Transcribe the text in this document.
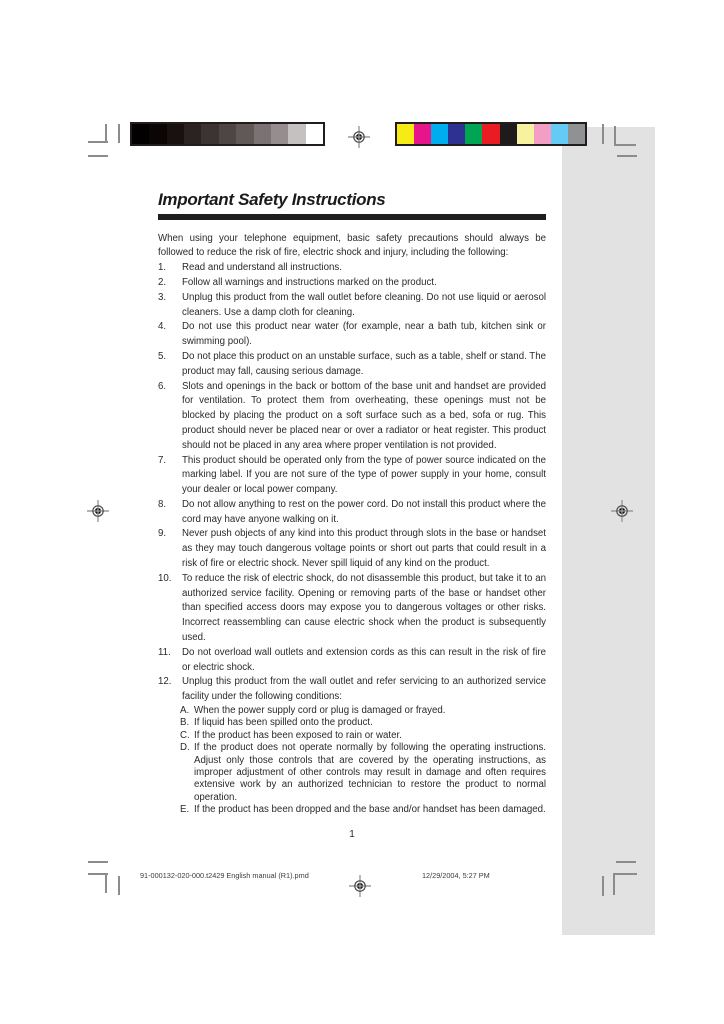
Important Safety Instructions
When using your telephone equipment, basic safety precautions should always be followed to reduce the risk of fire, electric shock and injury, including the following:
1.	Read and understand all instructions.
2.	Follow all warnings and instructions marked on the product.
3.	Unplug this product from the wall outlet before cleaning. Do not use liquid or aerosol cleaners. Use a damp cloth for cleaning.
4.	Do not use this product near water (for example, near a bath tub, kitchen sink or swimming pool).
5.	Do not place this product on an unstable surface, such as a table, shelf or stand. The product may fall, causing serious damage.
6.	Slots and openings in the back or bottom of the base unit and handset are provided for ventilation. To protect them from overheating, these openings must not be blocked by placing the product on a soft surface such as a bed, sofa or rug. This product should never be placed near or over a radiator or heat register. This product should not be placed in any area where proper ventilation is not provided.
7.	This product should be operated only from the type of power source indicated on the marking label. If you are not sure of the type of power supply in your home, consult your dealer or local power company.
8.	Do not allow anything to rest on the power cord. Do not install this product where the cord may have anyone walking on it.
9.	Never push objects of any kind into this product through slots in the base or handset as they may touch dangerous voltage points or short out parts that could result in a risk of fire or electric shock. Never spill liquid of any kind on the product.
10.	To reduce the risk of electric shock, do not disassemble this product, but take it to an authorized service facility. Opening or removing parts of the base or handset other than specified access doors may expose you to dangerous voltages or other risks. Incorrect reassembling can cause electric shock when the product is subsequently used.
11.	Do not overload wall outlets and extension cords as this can result in the risk of fire or electric shock.
12.	Unplug this product from the wall outlet and refer servicing to an authorized service facility under the following conditions:
A. When the power supply cord or plug is damaged or frayed.
B. If liquid has been spilled onto the product.
C. If the product has been exposed to rain or water.
D. If the product does not operate normally by following the operating instructions. Adjust only those controls that are covered by the operating instructions, as improper adjustment of other controls may result in damage and often requires extensive work by an authorized technician to restore the product to normal operation.
E. If the product has been dropped and the base and/or handset has been damaged.
1
91-000132-020-000.t2429 English manual (R1).pmd	12/29/2004, 5:27 PM
